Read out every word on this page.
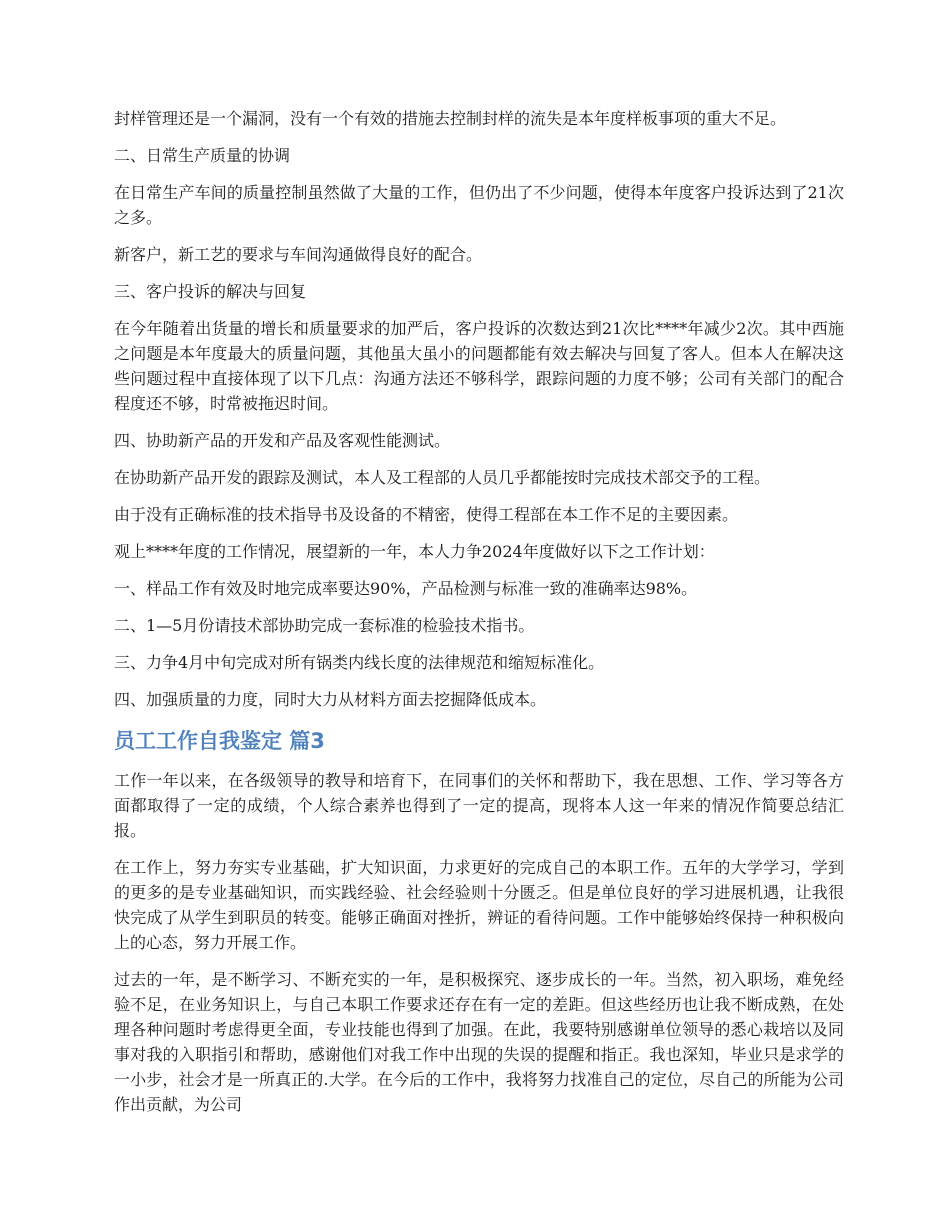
封样管理还是一个漏洞，没有一个有效的措施去控制封样的流失是本年度样板事项的重大不足。

二、日常生产质量的协调

在日常生产车间的质量控制虽然做了大量的工作，但仍出了不少问题，使得本年度客户投诉达到了21次之多。

新客户，新工艺的要求与车间沟通做得良好的配合。

三、客户投诉的解决与回复

在今年随着出货量的增长和质量要求的加严后，客户投诉的次数达到21次比****年减少2次。其中西施之问题是本年度最大的质量问题，其他虽大虽小的问题都能有效去解决与回复了客人。但本人在解决这些问题过程中直接体现了以下几点：沟通方法还不够科学，跟踪问题的力度不够；公司有关部门的配合程度还不够，时常被拖迟时间。

四、协助新产品的开发和产品及客观性能测试。

在协助新产品开发的跟踪及测试，本人及工程部的人员几乎都能按时完成技术部交予的工程。

由于没有正确标准的技术指导书及设备的不精密，使得工程部在本工作不足的主要因素。

观上****年度的工作情况，展望新的一年，本人力争2024年度做好以下之工作计划：

一、样品工作有效及时地完成率要达90%，产品检测与标准一致的准确率达98%。

二、1—5月份请技术部协助完成一套标准的检验技术指书。

三、力争4月中旬完成对所有锅类内线长度的法律规范和缩短标准化。

四、加强质量的力度，同时大力从材料方面去挖掘降低成本。

员工工作自我鉴定 篇3

工作一年以来，在各级领导的教导和培育下，在同事们的关怀和帮助下，我在思想、工作、学习等各方面都取得了一定的成绩，个人综合素养也得到了一定的提高，现将本人这一年来的情况作简要总结汇报。

在工作上，努力夯实专业基础，扩大知识面，力求更好的完成自己的本职工作。五年的大学学习，学到的更多的是专业基础知识，而实践经验、社会经验则十分匮乏。但是单位良好的学习进展机遇，让我很快完成了从学生到职员的转变。能够正确面对挫折，辨证的看待问题。工作中能够始终保持一种积极向上的心态，努力开展工作。

过去的一年，是不断学习、不断充实的一年，是积极探究、逐步成长的一年。当然，初入职场，难免经验不足，在业务知识上，与自己本职工作要求还存在有一定的差距。但这些经历也让我不断成熟，在处理各种问题时考虑得更全面，专业技能也得到了加强。在此，我要特别感谢单位领导的悉心栽培以及同事对我的入职指引和帮助，感谢他们对我工作中出现的失误的提醒和指正。我也深知，毕业只是求学的一小步，社会才是一所真正的.大学。在今后的工作中，我将努力找准自己的定位，尽自己的所能为公司作出贡献，为公司
